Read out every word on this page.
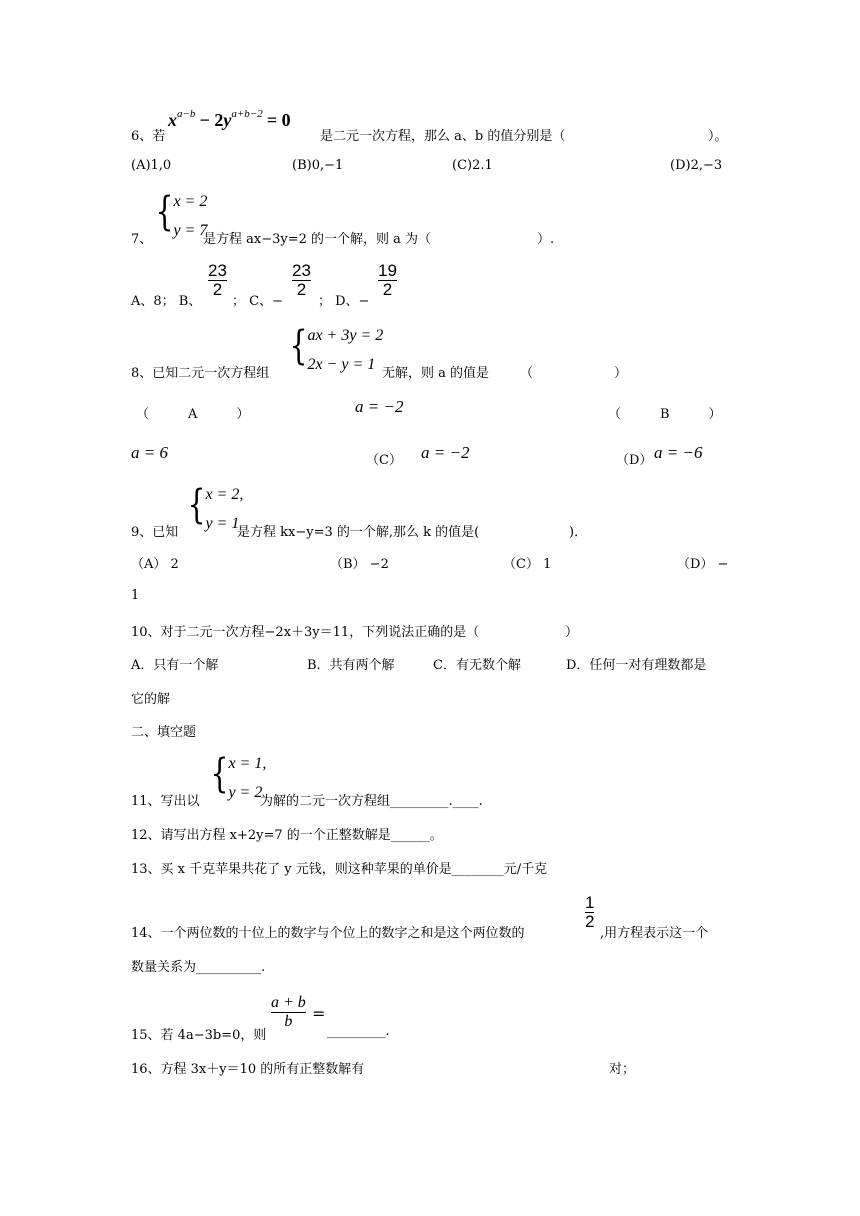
6、若
$x^{a-b} - 2y^{a+b-2} = 0$
是二元一次方程，那么 a、b 的值分别是（	）。
(A)1,0	(B)0,−1	(C)2.1	(D)2,−3
7、
{ x = 2
y = 7
是方程 ax−3y=2 的一个解，则 a 为（	）.
A、8； B、
23
2
； C、−
23
2
； D、−
19
2
8、已知二元一次方程组
{ ax + 3y = 2
2x − y = 1
无解，则 a 的值是 （	）
（　　　A　　　）	a = −2	（　　　B　　　）
a = 6	（C） a = −2	（D） a = −6
9、已知
{ x = 2,
y = 1
是方程 kx−y=3 的一个解,那么 k 的值是(	)．
（A） 2	（B） −2	（C） 1	（D） −
1
10、对于二元一次方程−2x＋3y＝11，下列说法正确的是（	）
A．只有一个解	B．共有两个解	C．有无数个解	D．任何一对有理数都是
它的解
二、填空题
11、写出以
{ x = 1,
y = 2
为解的二元一次方程组_________.____.
12、请写出方程 x+2y=7 的一个正整数解是______。
13、买 x 千克苹果共花了 y 元钱，则这种苹果的单价是________元/千克
14、一个两位数的十位上的数字与个位上的数字之和是这个两位数的
1
2
,用方程表示这一个
数量关系为__________.
15、若 4a−3b=0，则
a + b
b =
_________.
16、方程 3x＋y＝10 的所有正整数解有	对；
